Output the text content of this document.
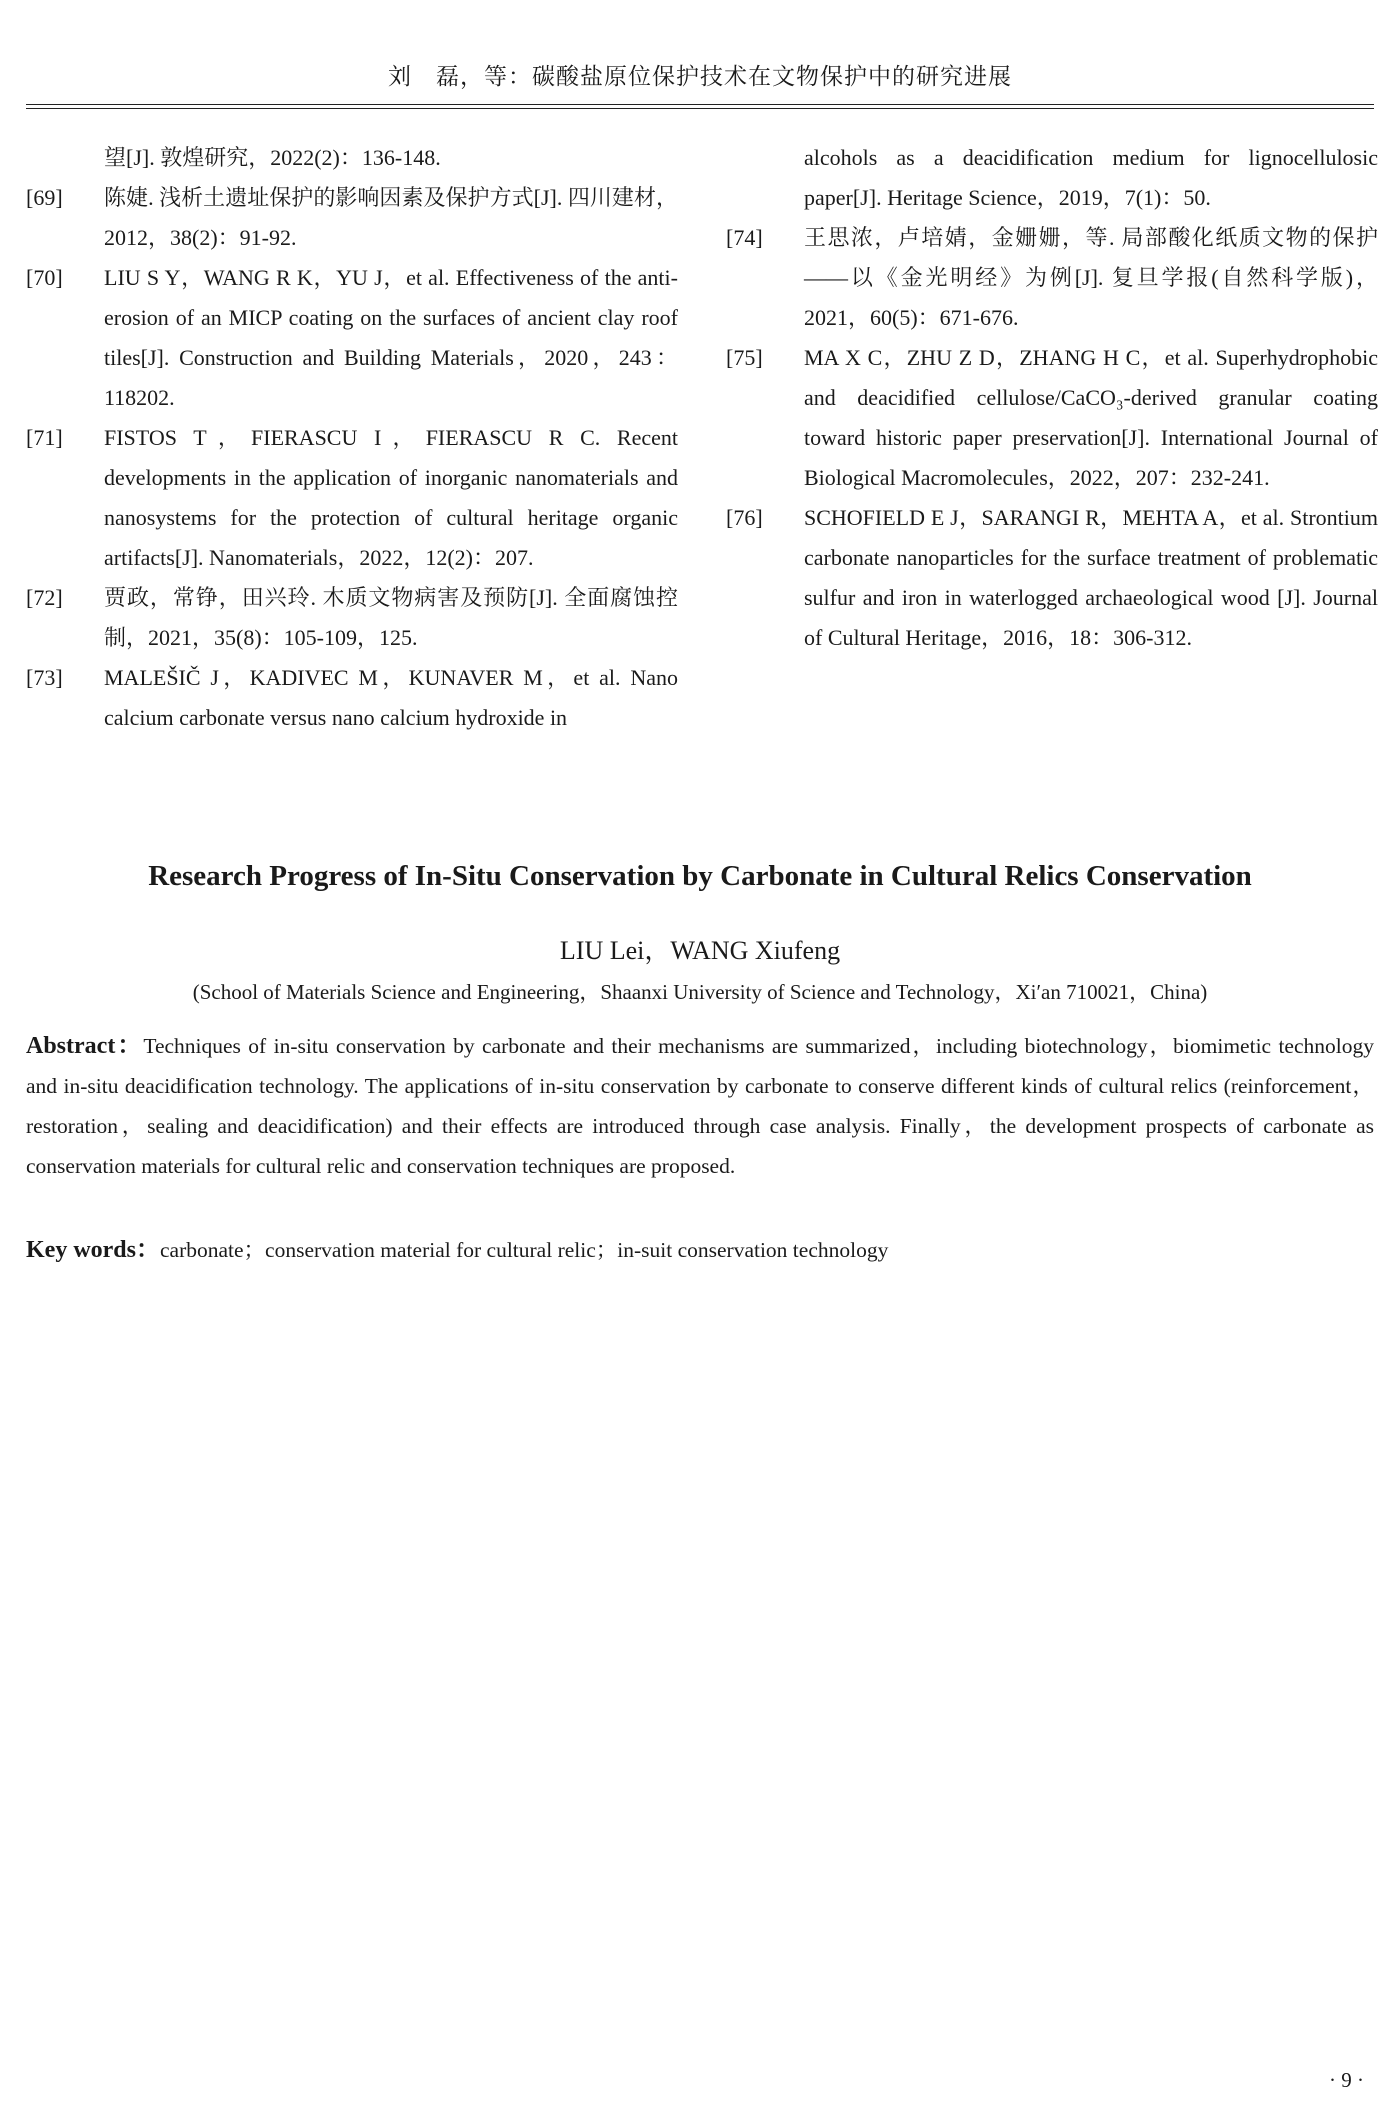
刘　磊，等：碳酸盐原位保护技术在文物保护中的研究进展
望[J]. 敦煌研究，2022(2)：136-148.
[69]	陈婕. 浅析土遗址保护的影响因素及保护方式[J]. 四川建材，2012，38(2)：91-92.
[70]	LIU S Y，WANG R K，YU J，et al. Effectiveness of the anti-erosion of an MICP coating on the surfaces of ancient clay roof tiles[J]. Construction and Building Materials，2020，243：118202.
[71]	FISTOS T，FIERASCU I，FIERASCU R C. Recent developments in the application of inorganic nanomaterials and nanosystems for the protection of cultural heritage organic artifacts[J]. Nanomaterials，2022，12(2)：207.
[72]	贾政，常铮，田兴玲. 木质文物病害及预防[J]. 全面腐蚀控制，2021，35(8)：105-109，125.
[73]	MALEŠIČ J，KADIVEC M，KUNAVER M，et al. Nano calcium carbonate versus nano calcium hydroxide in
alcohols as a deacidification medium for lignocellulosic paper[J]. Heritage Science，2019，7(1)：50.
[74]	王思浓，卢培婧，金姗姗，等. 局部酸化纸质文物的保护——以《金光明经》为例[J]. 复旦学报(自然科学版)，2021，60(5)：671-676.
[75]	MA X C，ZHU Z D，ZHANG H C，et al. Superhydrophobic and deacidified cellulose/CaCO₃-derived granular coating toward historic paper preservation[J]. International Journal of Biological Macromolecules，2022，207：232-241.
[76]	SCHOFIELD E J，SARANGI R，MEHTA A，et al. Strontium carbonate nanoparticles for the surface treatment of problematic sulfur and iron in waterlogged archaeological wood [J]. Journal of Cultural Heritage，2016，18：306-312.
Research Progress of In-Situ Conservation by Carbonate in Cultural Relics Conservation
LIU Lei，WANG Xiufeng
(School of Materials Science and Engineering，Shaanxi University of Science and Technology，Xi′an 710021，China)
Abstract：Techniques of in-situ conservation by carbonate and their mechanisms are summarized，including biotechnology，biomimetic technology and in-situ deacidification technology. The applications of in-situ conservation by carbonate to conserve different kinds of cultural relics (reinforcement，restoration，sealing and deacidification) and their effects are introduced through case analysis. Finally，the development prospects of carbonate as conservation materials for cultural relic and conservation techniques are proposed.
Key words：carbonate；conservation material for cultural relic；in-suit conservation technology
· 9 ·
